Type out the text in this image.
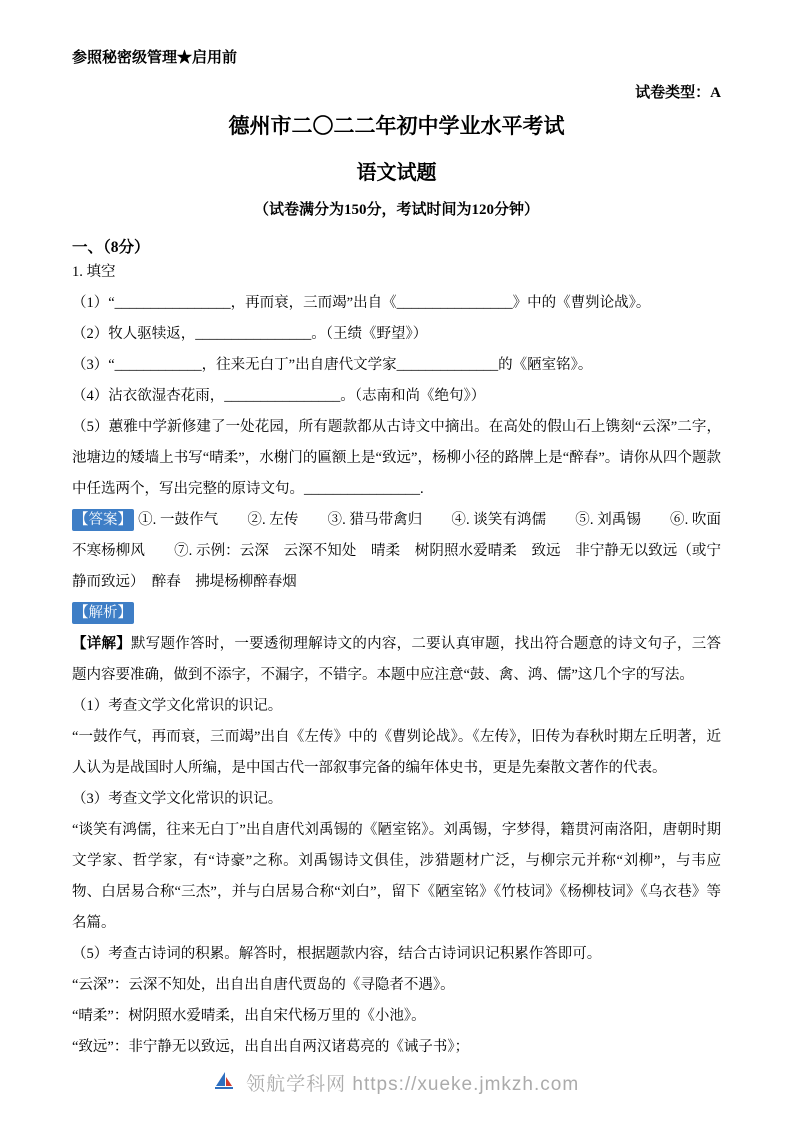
参照秘密级管理★启用前
试卷类型：A
德州市二〇二二年初中学业水平考试
语文试题
（试卷满分为150分，考试时间为120分钟）
一、（8分）
1. 填空
（1）“________________，再而衰，三而竭”出自《________________》中的《曹刿论战》。
（2）牧人驱犊返，________________。（王绩《野望》）
（3）“____________，往来无白丁”出自唐代文学家______________的《陋室铭》。
（4）沾衣欲湿杏花雨，________________。（志南和尚《绝句》）
（5）蕙雅中学新修建了一处花园，所有题款都从古诗文中摘出。在高处的假山石上镌刻“云深”二字，池塘边的矮墙上书写“晴柔”，水榭门的匾额上是“致远”，杨柳小径的路牌上是“醉春”。请你从四个题款中任选两个，写出完整的原诗文句。________________.
【答案】 ①. 一鼓作气　　②. 左传　　③. 猎马带禽归　　④. 谈笑有鸿儒　　⑤. 刘禹锡　　⑥. 吹面不寒杨柳风　　⑦. 示例：云深　云深不知处　晴柔　树阴照水爱晴柔　致远　非宁静无以致远（或宁静而致远）　醉春　拂堤杨柳醉春烟
【解析】
【详解】默写题作答时，一要透彻理解诗文的内容，二要认真审题，找出符合题意的诗文句子，三答题内容要准确，做到不添字，不漏字，不错字。本题中应注意“鼓、禽、鸿、儒”这几个字的写法。
（1）考查文学文化常识的识记。
“一鼓作气，再而衰，三而竭”出自《左传》中的《曹刿论战》。《左传》，旧传为春秋时期左丘明著，近人认为是战国时人所编，是中国古代一部叙事完备的编年体史书，更是先秦散文著作的代表。
（3）考查文学文化常识的识记。
“谈笑有鸿儒，往来无白丁”出自唐代刘禹锡的《陋室铭》。刘禹锡，字梦得，籍贯河南洛阳，唐朝时期文学家、哲学家，有“诗豪”之称。刘禹锡诗文俱佳，涉猎题材广泛，与柳宗元并称“刘柳”，与韦应物、白居易合称“三杰”，并与白居易合称“刘白”，留下《陋室铭》《竹枝词》《杨柳枝词》《乌衣巷》等名篇。
（5）考查古诗词的积累。解答时，根据题款内容，结合古诗词识记积累作答即可。
“云深”：云深不知处，出自出自唐代贾岛的《寻隐者不遇》。
“晴柔”：树阴照水爱晴柔，出自宋代杨万里的《小池》。
“致远”：非宁静无以致远，出自出自两汉诸葛亮的《诫子书》；
领航学科网 https://xueke.jmkzh.com
